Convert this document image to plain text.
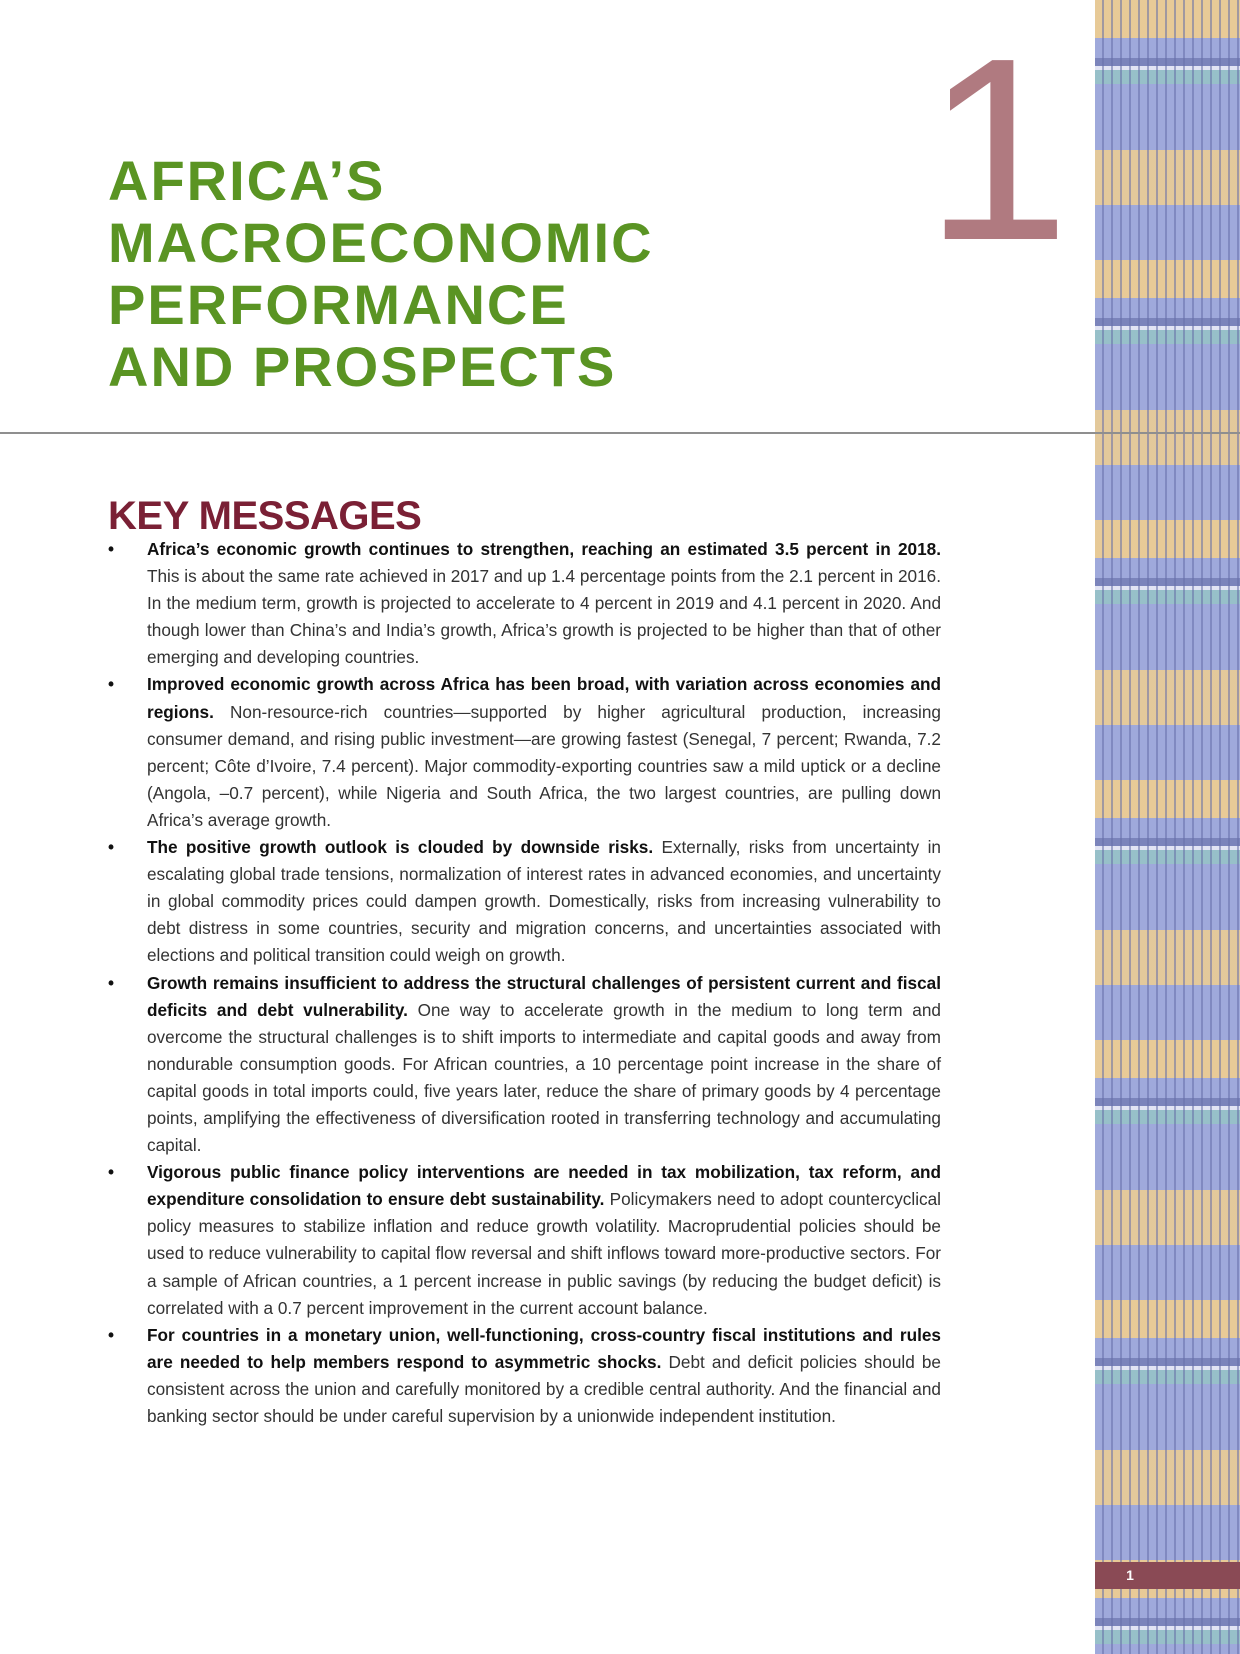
1
AFRICA’S
MACROECONOMIC
PERFORMANCE
AND PROSPECTS
KEY MESSAGES
• Africa’s economic growth continues to strengthen, reaching an estimated 3.5 percent in 2018. This is about the same rate achieved in 2017 and up 1.4 percentage points from the 2.1 percent in 2016. In the medium term, growth is projected to accelerate to 4 percent in 2019 and 4.1 percent in 2020. And though lower than China’s and India’s growth, Africa’s growth is projected to be higher than that of other emerging and developing countries.
• Improved economic growth across Africa has been broad, with variation across economies and regions. Non-resource-rich countries—supported by higher agricultural production, increasing consumer demand, and rising public investment—are growing fastest (Senegal, 7 percent; Rwanda, 7.2 percent; Côte d’Ivoire, 7.4 percent). Major commodity-exporting countries saw a mild uptick or a decline (Angola, –0.7 percent), while Nigeria and South Africa, the two largest countries, are pulling down Africa’s average growth.
• The positive growth outlook is clouded by downside risks. Externally, risks from uncertainty in escalating global trade tensions, normalization of interest rates in advanced economies, and uncertainty in global commodity prices could dampen growth. Domestically, risks from increasing vulnerability to debt distress in some countries, security and migration concerns, and uncertainties associated with elections and political transition could weigh on growth.
• Growth remains insufficient to address the structural challenges of persistent current and fiscal deficits and debt vulnerability. One way to accelerate growth in the medium to long term and overcome the structural challenges is to shift imports to intermediate and capital goods and away from nondurable consumption goods. For African countries, a 10 percentage point increase in the share of capital goods in total imports could, five years later, reduce the share of primary goods by 4 percentage points, amplifying the effectiveness of diversification rooted in transferring technology and accumulating capital.
• Vigorous public finance policy interventions are needed in tax mobilization, tax reform, and expenditure consolidation to ensure debt sustainability. Policymakers need to adopt countercyclical policy measures to stabilize inflation and reduce growth volatility. Macroprudential policies should be used to reduce vulnerability to capital flow reversal and shift inflows toward more-productive sectors. For a sample of African countries, a 1 percent increase in public savings (by reducing the budget deficit) is correlated with a 0.7 percent improvement in the current account balance.
• For countries in a monetary union, well-functioning, cross-country fiscal institutions and rules are needed to help members respond to asymmetric shocks. Debt and deficit policies should be consistent across the union and carefully monitored by a credible central authority. And the financial and banking sector should be under careful supervision by a unionwide independent institution.
1
